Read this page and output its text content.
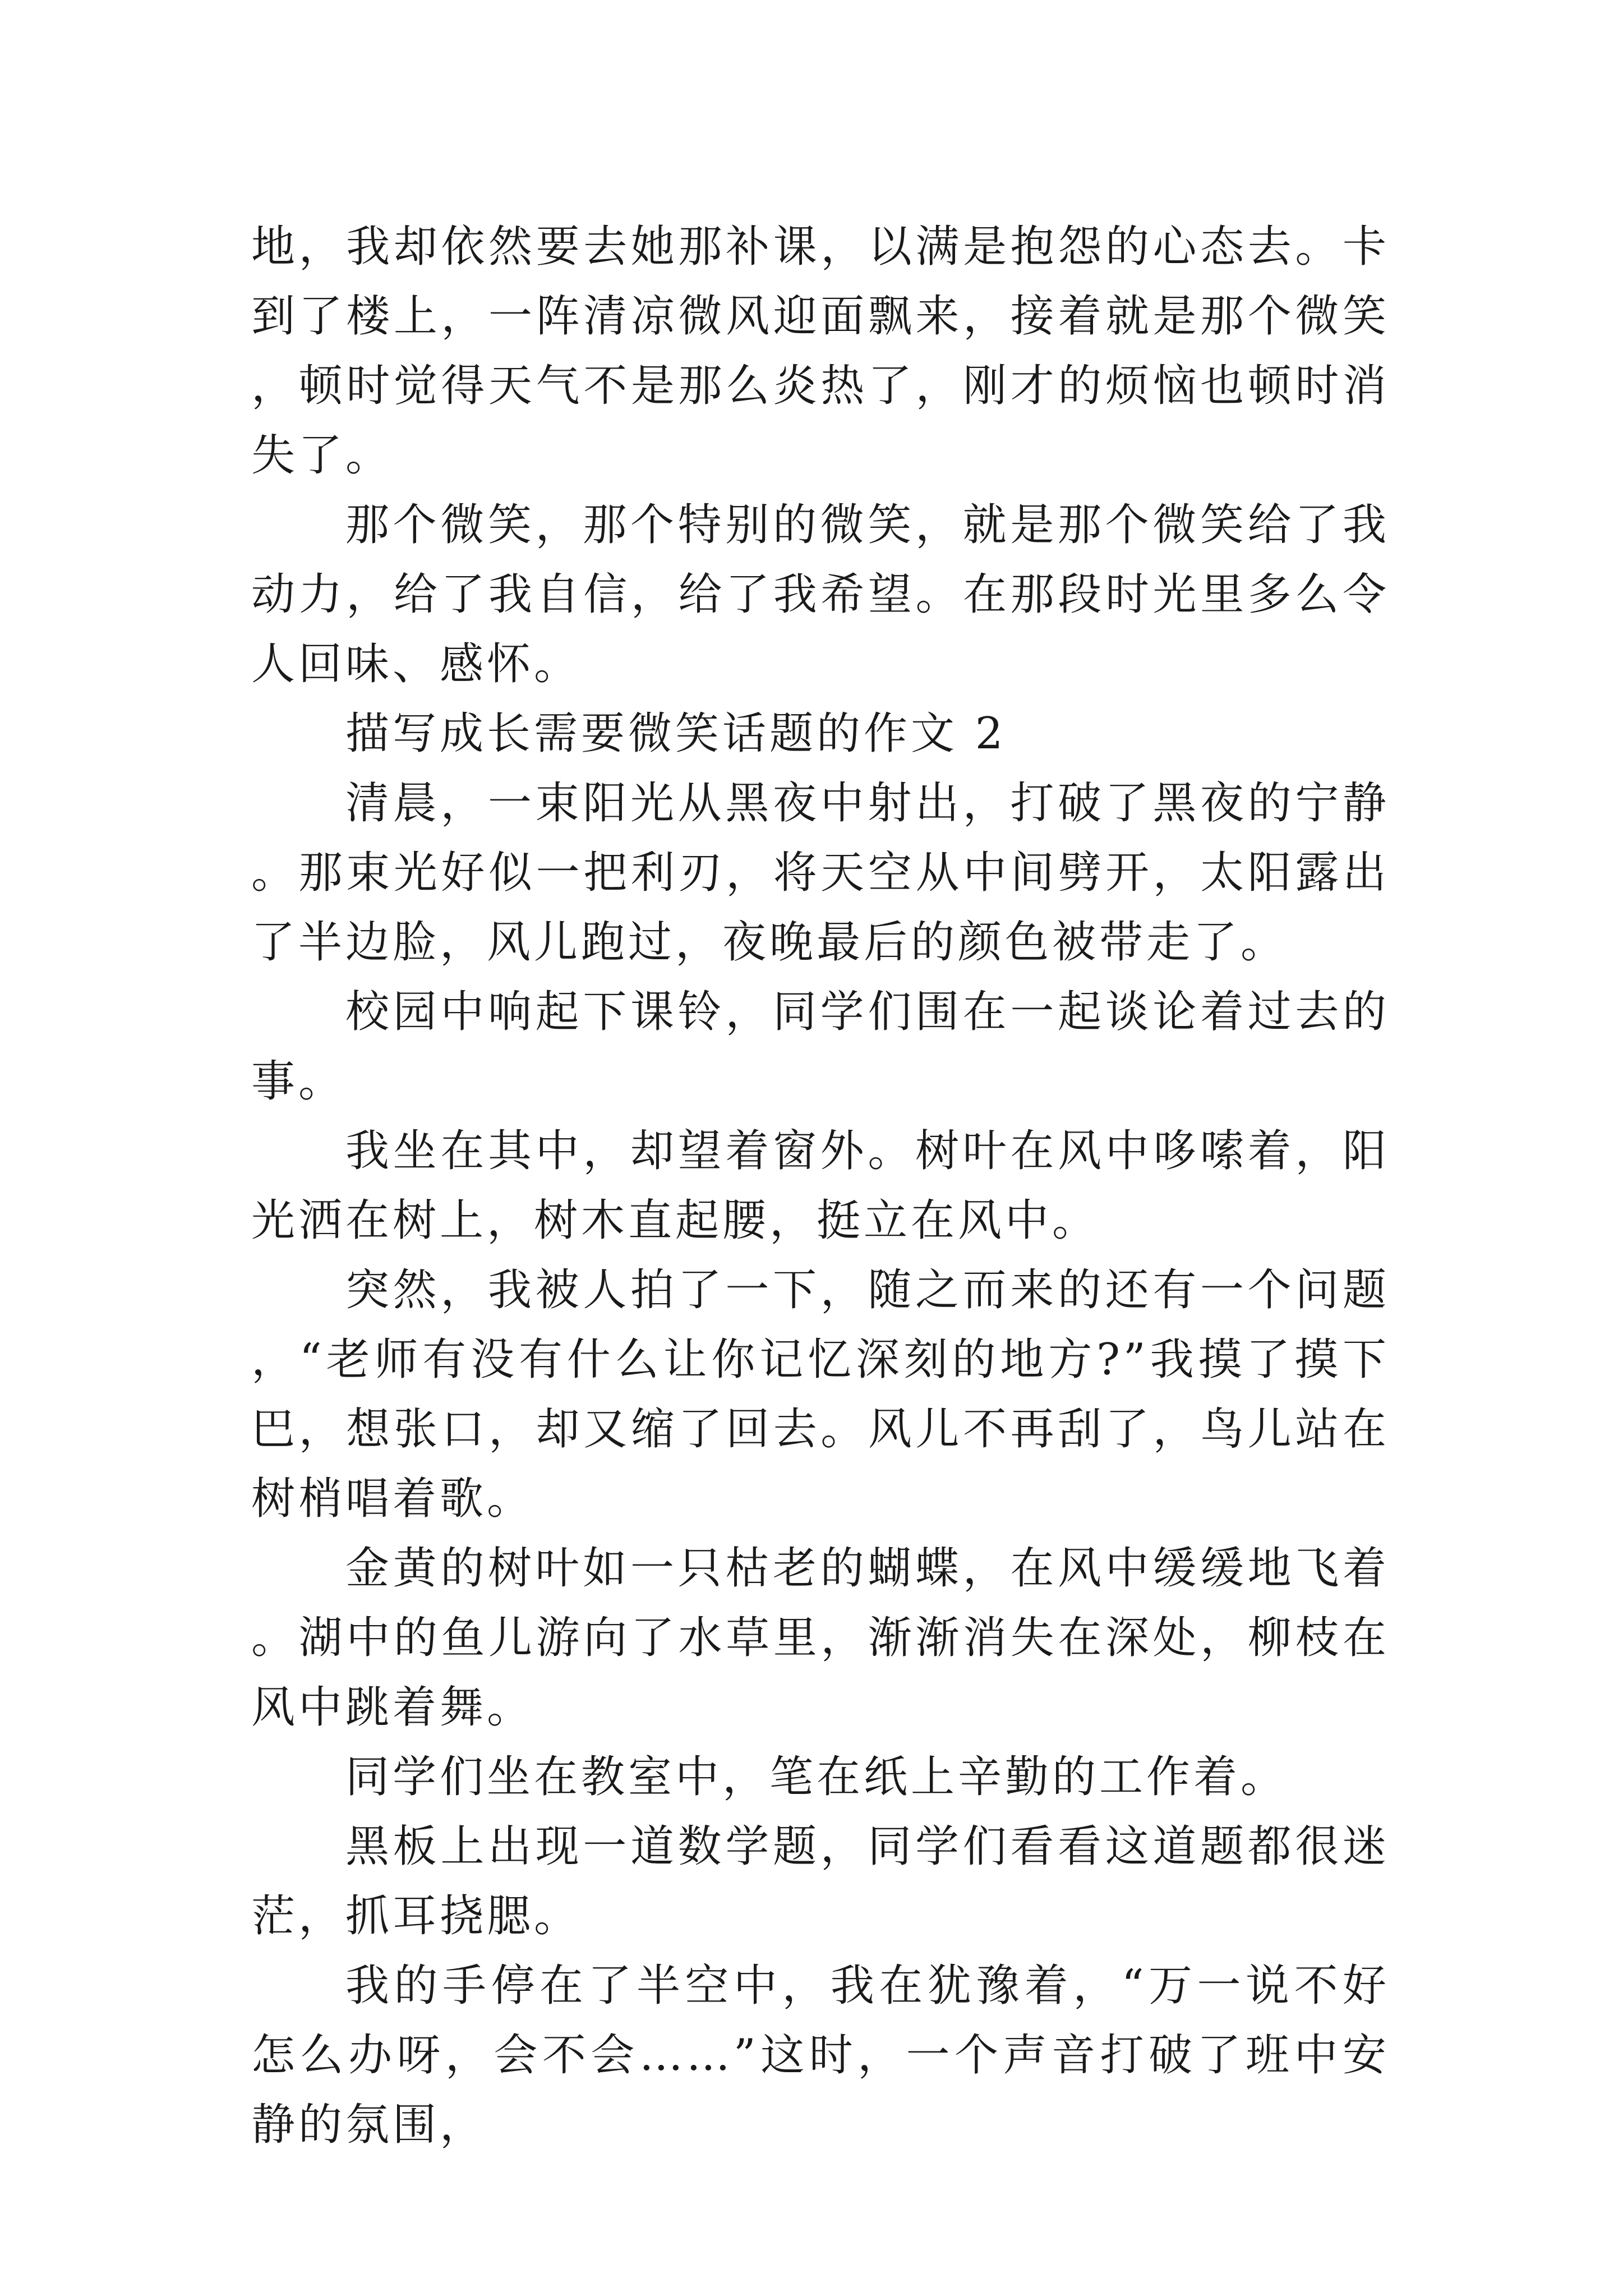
地，我却依然要去她那补课，以满是抱怨的心态去。卡到了楼上，一阵清凉微风迎面飘来，接着就是那个微笑，顿时觉得天气不是那么炎热了，刚才的烦恼也顿时消失了。

那个微笑，那个特别的微笑，就是那个微笑给了我动力，给了我自信，给了我希望。在那段时光里多么令人回味、感怀。

描写成长需要微笑话题的作文 2

清晨，一束阳光从黑夜中射出，打破了黑夜的宁静。那束光好似一把利刃，将天空从中间劈开，太阳露出了半边脸，风儿跑过，夜晚最后的颜色被带走了。

校园中响起下课铃，同学们围在一起谈论着过去的事。

我坐在其中，却望着窗外。树叶在风中哆嗦着，阳光洒在树上，树木直起腰，挺立在风中。

突然，我被人拍了一下，随之而来的还有一个问题，“老师有没有什么让你记忆深刻的地方?”我摸了摸下巴，想张口，却又缩了回去。风儿不再刮了，鸟儿站在树梢唱着歌。

金黄的树叶如一只枯老的蝴蝶，在风中缓缓地飞着。湖中的鱼儿游向了水草里，渐渐消失在深处，柳枝在风中跳着舞。

同学们坐在教室中，笔在纸上辛勤的工作着。

黑板上出现一道数学题，同学们看看这道题都很迷茫，抓耳挠腮。

我的手停在了半空中，我在犹豫着，“万一说不好怎么办呀，会不会……”这时，一个声音打破了班中安静的氛围，
